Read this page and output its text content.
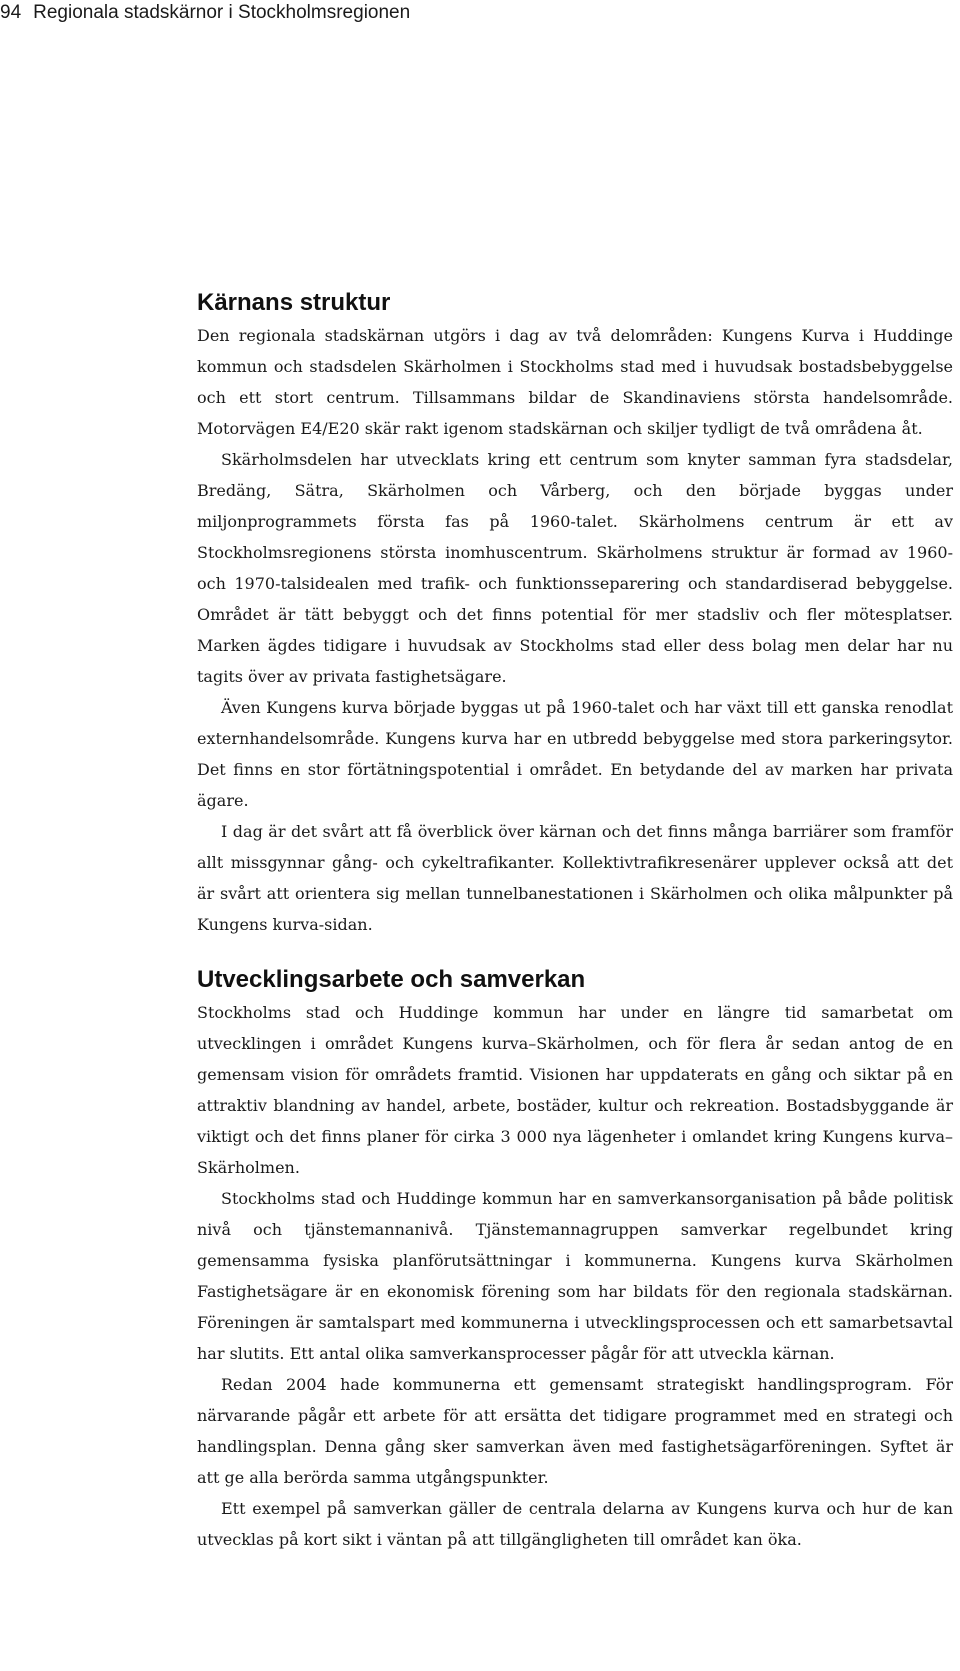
94 Regionala stadskärnor i Stockholmsregionen
Kärnans struktur

Den regionala stadskärnan utgörs i dag av två delområden: Kungens Kurva i Huddinge kommun och stadsdelen Skärholmen i Stockholms stad med i huvudsak bostadsbebyggelse och ett stort centrum. Tillsammans bildar de Skandinaviens största handelsområde. Motorvägen E4/E20 skär rakt igenom stadskärnan och skiljer tydligt de två områdena åt.

Skärholmsdelen har utvecklats kring ett centrum som knyter samman fyra stadsdelar, Bredäng, Sätra, Skärholmen och Vårberg, och den började byggas under miljonprogrammets första fas på 1960-talet. Skärholmens centrum är ett av Stockholmsregionens största inomhuscentrum. Skärholmens struktur är formad av 1960- och 1970-talsidealen med trafik- och funktionsseparering och standardiserad bebyggelse. Området är tätt bebyggt och det finns potential för mer stadsliv och fler mötesplatser. Marken ägdes tidigare i huvudsak av Stockholms stad eller dess bolag men delar har nu tagits över av privata fastighetsägare.

Även Kungens kurva började byggas ut på 1960-talet och har växt till ett ganska renodlat externhandelsområde. Kungens kurva har en utbredd bebyggelse med stora parkeringsytor. Det finns en stor förtätningspotential i området. En betydande del av marken har privata ägare.

I dag är det svårt att få överblick över kärnan och det finns många barriärer som framför allt missgynnar gång- och cykeltrafikanter. Kollektivtrafikresenärer upplever också att det är svårt att orientera sig mellan tunnelbanestationen i Skärholmen och olika målpunkter på Kungens kurva-sidan.

Utvecklingsarbete och samverkan

Stockholms stad och Huddinge kommun har under en längre tid samarbetat om utvecklingen i området Kungens kurva–Skärholmen, och för flera år sedan antog de en gemensam vision för områdets framtid. Visionen har uppdaterats en gång och siktar på en attraktiv blandning av handel, arbete, bostäder, kultur och rekreation. Bostadsbyggande är viktigt och det finns planer för cirka 3 000 nya lägenheter i omlandet kring Kungens kurva–Skärholmen.

Stockholms stad och Huddinge kommun har en samverkansorganisation på både politisk nivå och tjänstemannanivå. Tjänstemannagruppen samverkar regelbundet kring gemensamma fysiska planförutsättningar i kommunerna. Kungens kurva Skärholmen Fastighetsägare är en ekonomisk förening som har bildats för den regionala stadskärnan. Föreningen är samtalspart med kommunerna i utvecklingsprocessen och ett samarbetsavtal har slutits. Ett antal olika samverkansprocesser pågår för att utveckla kärnan.

Redan 2004 hade kommunerna ett gemensamt strategiskt handlingsprogram. För närvarande pågår ett arbete för att ersätta det tidigare programmet med en strategi och handlingsplan. Denna gång sker samverkan även med fastighetsägarföreningen. Syftet är att ge alla berörda samma utgångspunkter.

Ett exempel på samverkan gäller de centrala delarna av Kungens kurva och hur de kan utvecklas på kort sikt i väntan på att tillgängligheten till området kan öka.
